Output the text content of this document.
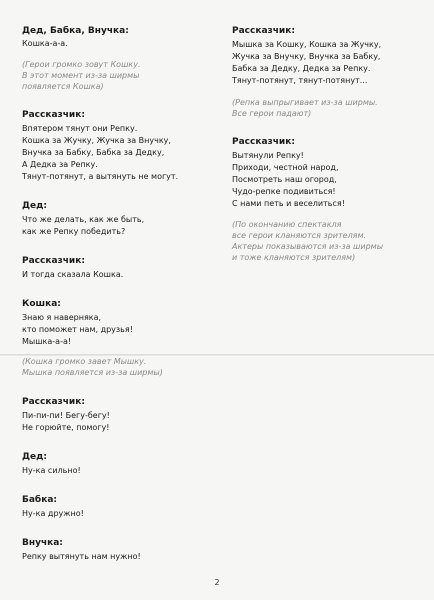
Дед, Бабка, Внучка:

Кошка-а-а.

(Герои громко зовут Кошку.

В этот момент из-за ширмы

появляется Кошка)

Рассказчик:

Впятером тянут они Репку.

Кошка за Жучку, Жучка за Внучку,

Внучка за Бабку, Бабка за Дедку,

А Дедка за Репку.

Тянут-потянут, а вытянуть не могут.

Дед:

Что же делать, как же быть,

как же Репку победить?

Рассказчик:

И тогда сказала Кошка.

Кошка:

Знаю я наверняка,

кто поможет нам, друзья!

Мышка-а-а!

(Кошка громко завет Мышку.

Мышка появляется из-за ширмы)

Рассказчик:

Пи-пи-пи! Бегу-бегу!

Не горюйте, помогу!

Дед:

Ну-ка сильно!

Бабка:

Ну-ка дружно!

Внучка:

Репку вытянуть нам нужно!

Рассказчик:

Мышка за Кошку, Кошка за Жучку,

Жучка за Внучку, Внучка за Бабку,

Бабка за Дедку, Дедка за Репку.

Тянут-потянут, тянут-потянут...

(Репка выпрыгивает из-за ширмы.

Все герои падают)

Рассказчик:

Вытянули Репку!

Приходи, честной народ,

Посмотреть наш огород,

Чудо-репке подивиться!

С нами петь и веселиться!

(По окончанию спектакля

все герои кланяются зрителям.

Актеры показываются из-за ширмы

и тоже кланяются зрителям)

2
